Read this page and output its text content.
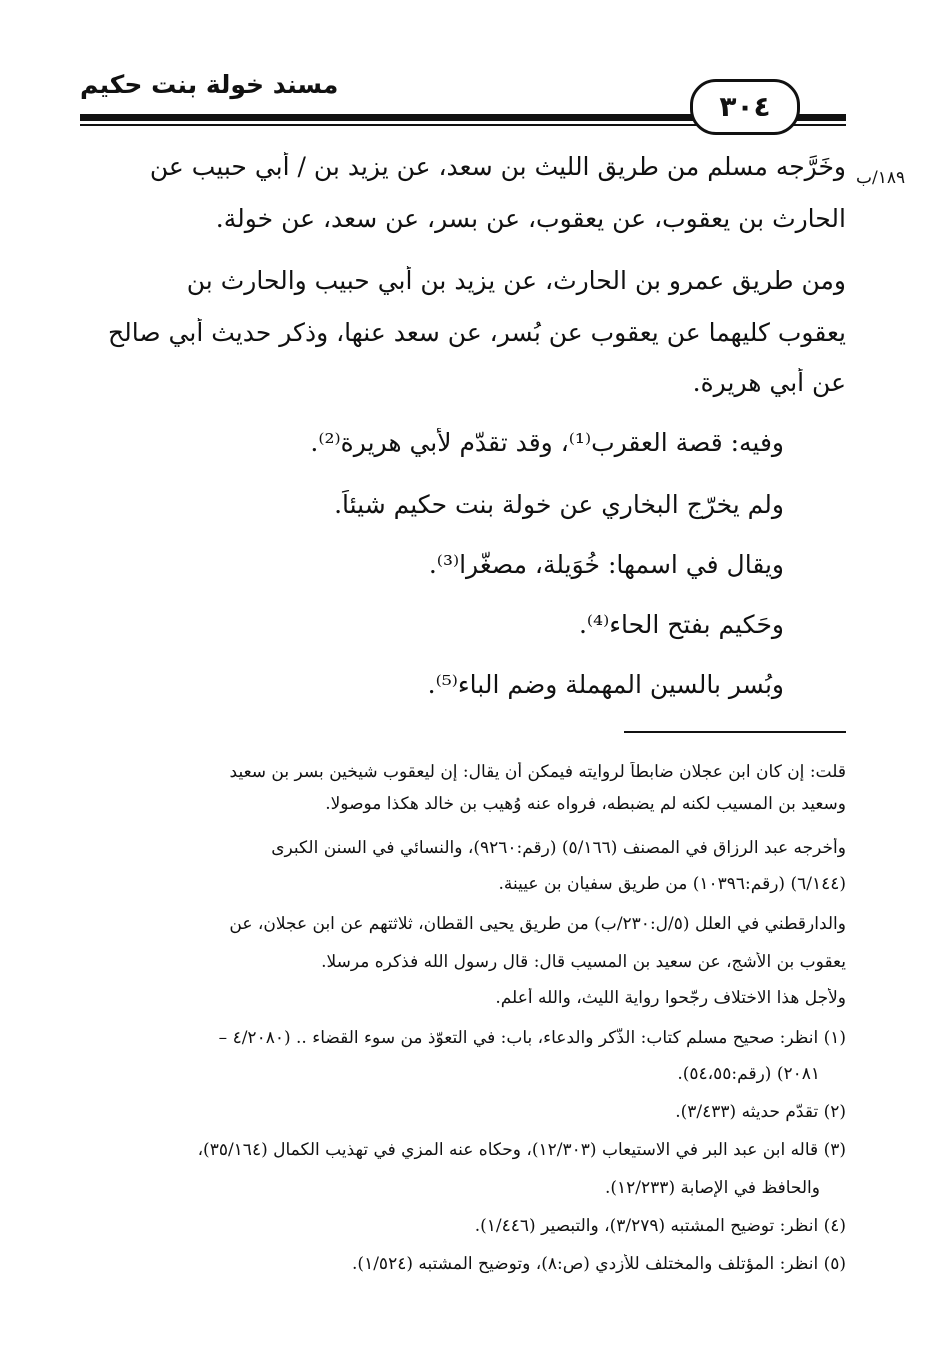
مسند خولة بنت حكيم
٣٠٤
١٨٩/ب
وخَرَّجه مسلم من طريق الليث بن سعد، عن يزيد بن / أبي حبيب عن
الحارث بن يعقوب، عن يعقوب، عن بسر، عن سعد، عن خولة.
ومن طريق عمرو بن الحارث، عن يزيد بن أبي حبيب والحارث بن
يعقوب كليهما عن يعقوب عن بُسر، عن سعد عنها، وذكر حديث أبي صالح
عن أبي هريرة.
وفيه: قصة العقرب⁽¹⁾، وقد تقدّم لأبي هريرة⁽²⁾.
ولم يخرّج البخاري عن خولة بنت حكيم شيئاً.
ويقال في اسمها: خُوَيلة، مصغّرا⁽³⁾.
وحَكيم بفتح الحاء⁽⁴⁾.
وبُسر بالسين المهملة وضم الباء⁽⁵⁾.
قلت: إن كان ابن عجلان ضابطاً لروايته فيمكن أن يقال: إن ليعقوب شيخين بسر بن سعيد
وسعيد بن المسيب لكنه لم يضبطه، فرواه عنه وُهيب بن خالد هكذا موصولا.
وأخرجه عبد الرزاق في المصنف (٥/١٦٦) (رقم:٩٢٦٠)، والنسائي في السنن الكبرى
(٦/١٤٤) (رقم:١٠٣٩٦) من طريق سفيان بن عيينة.
والدارقطني في العلل (٥/ل:٢٣٠/ب) من طريق يحيى القطان، ثلاثتهم عن ابن عجلان، عن
يعقوب بن الأشج، عن سعيد بن المسيب قال: قال رسول الله فذكره مرسلا.
ولأجل هذا الاختلاف رجّحوا رواية الليث، والله أعلم.
(١) انظر: صحيح مسلم كتاب: الذّكر والدعاء، باب: في التعوّذ من سوء القضاء .. (٤/٢٠٨٠ –
٢٠٨١) (رقم:٥٤،٥٥).
(٢) تقدّم حديثه (٣/٤٣٣).
(٣) قاله ابن عبد البر في الاستيعاب (١٢/٣٠٣)، وحكاه عنه المزي في تهذيب الكمال (٣٥/١٦٤)،
والحافظ في الإصابة (١٢/٢٣٣).
(٤) انظر: توضيح المشتبه (٣/٢٧٩)، والتبصير (١/٤٤٦).
(٥) انظر: المؤتلف والمختلف للأزدي (ص:٨)، وتوضيح المشتبه (١/٥٢٤).
